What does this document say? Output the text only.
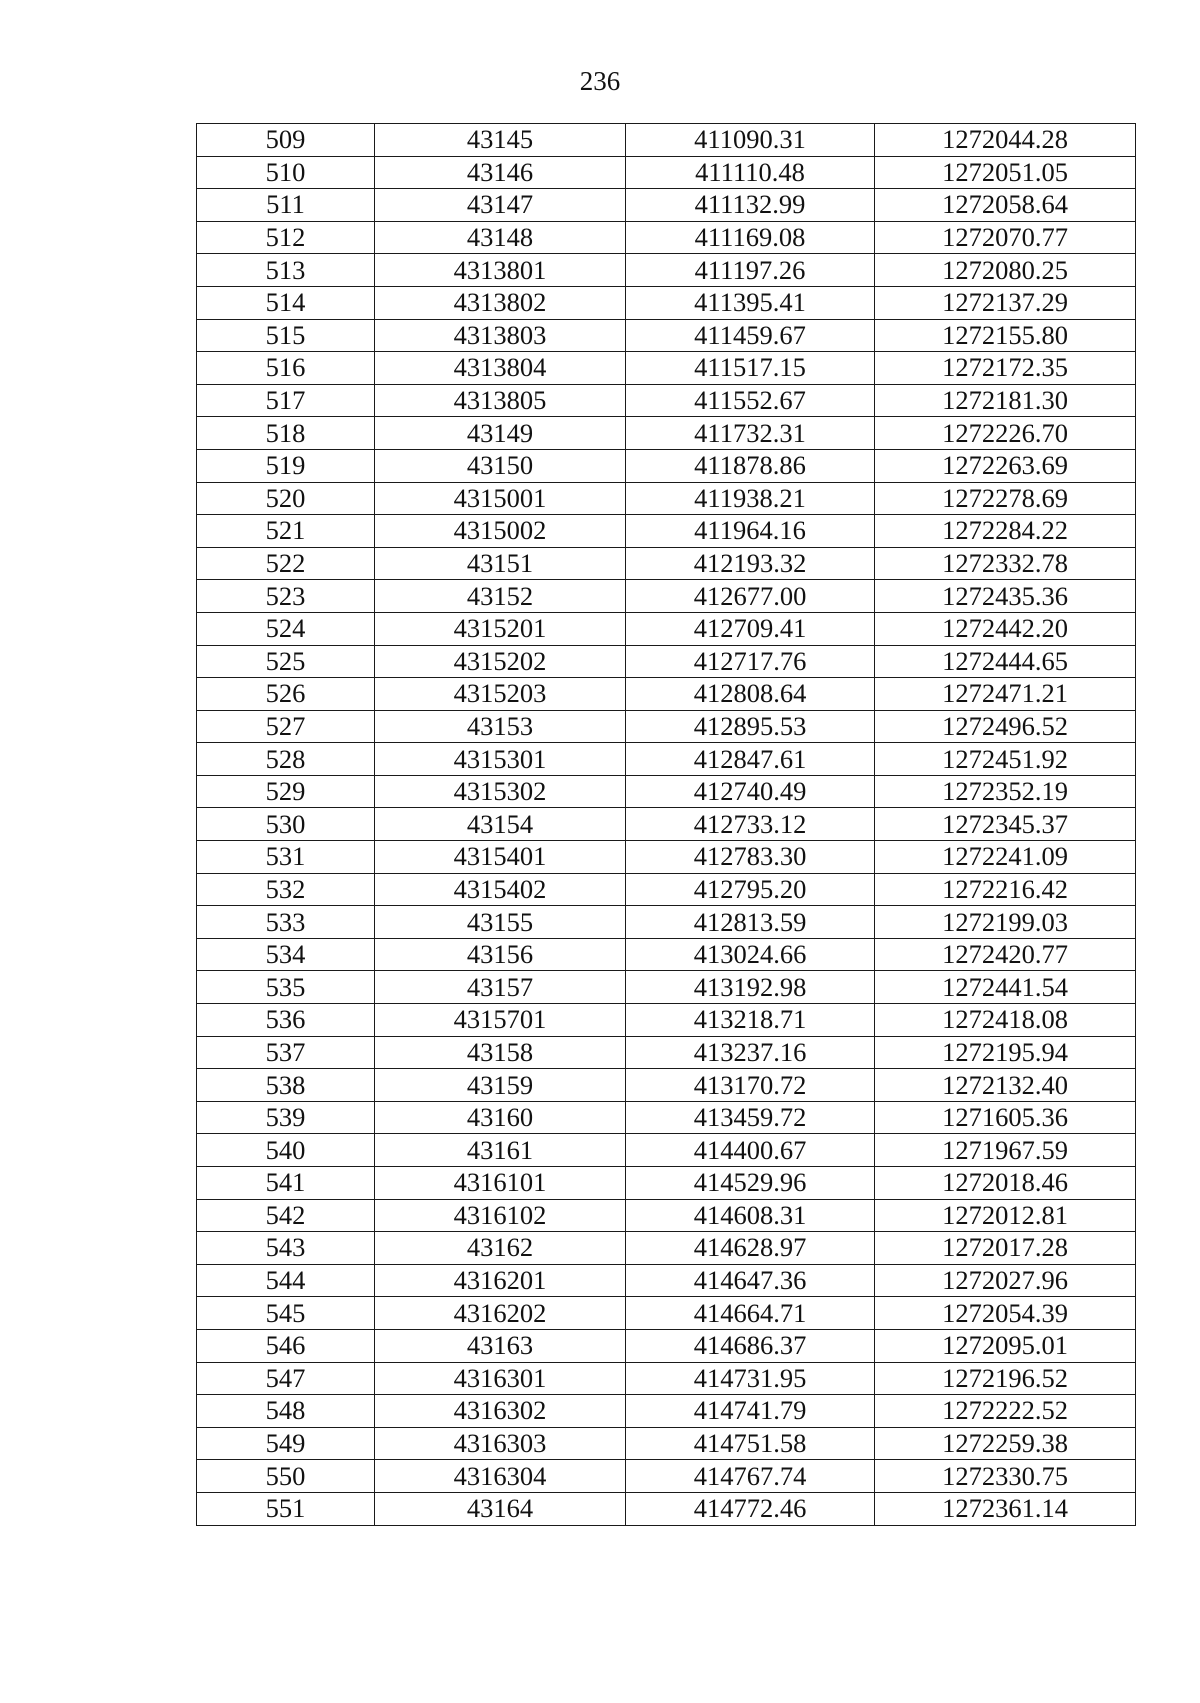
236
509	43145	411090.31	1272044.28
510	43146	411110.48	1272051.05
511	43147	411132.99	1272058.64
512	43148	411169.08	1272070.77
513	4313801	411197.26	1272080.25
514	4313802	411395.41	1272137.29
515	4313803	411459.67	1272155.80
516	4313804	411517.15	1272172.35
517	4313805	411552.67	1272181.30
518	43149	411732.31	1272226.70
519	43150	411878.86	1272263.69
520	4315001	411938.21	1272278.69
521	4315002	411964.16	1272284.22
522	43151	412193.32	1272332.78
523	43152	412677.00	1272435.36
524	4315201	412709.41	1272442.20
525	4315202	412717.76	1272444.65
526	4315203	412808.64	1272471.21
527	43153	412895.53	1272496.52
528	4315301	412847.61	1272451.92
529	4315302	412740.49	1272352.19
530	43154	412733.12	1272345.37
531	4315401	412783.30	1272241.09
532	4315402	412795.20	1272216.42
533	43155	412813.59	1272199.03
534	43156	413024.66	1272420.77
535	43157	413192.98	1272441.54
536	4315701	413218.71	1272418.08
537	43158	413237.16	1272195.94
538	43159	413170.72	1272132.40
539	43160	413459.72	1271605.36
540	43161	414400.67	1271967.59
541	4316101	414529.96	1272018.46
542	4316102	414608.31	1272012.81
543	43162	414628.97	1272017.28
544	4316201	414647.36	1272027.96
545	4316202	414664.71	1272054.39
546	43163	414686.37	1272095.01
547	4316301	414731.95	1272196.52
548	4316302	414741.79	1272222.52
549	4316303	414751.58	1272259.38
550	4316304	414767.74	1272330.75
551	43164	414772.46	1272361.14
